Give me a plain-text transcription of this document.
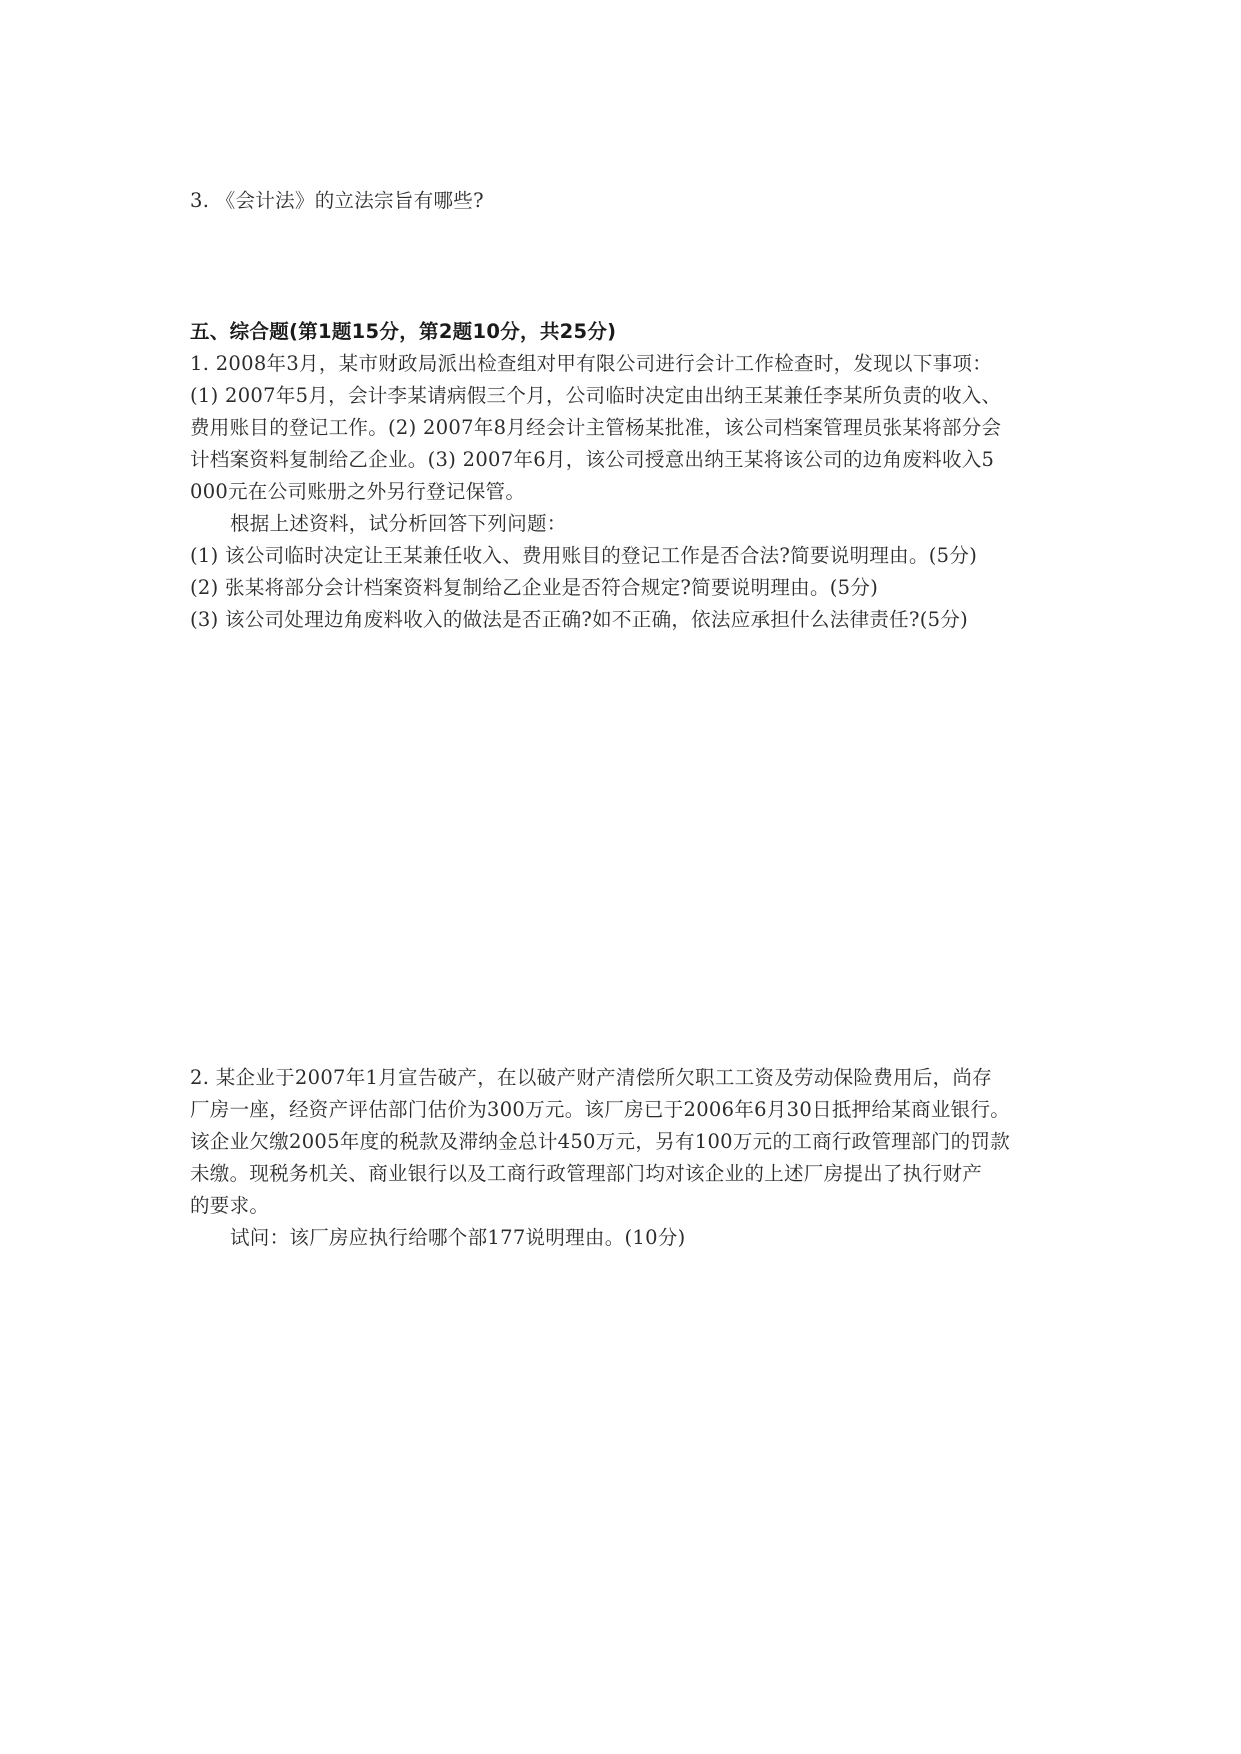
3. 《会计法》的立法宗旨有哪些?
五、综合题(第1题15分，第2题10分，共25分)
1. 2008年3月，某市财政局派出检查组对甲有限公司进行会计工作检查时，发现以下事项：
(1) 2007年5月，会计李某请病假三个月，公司临时决定由出纳王某兼任李某所负责的收入、
费用账目的登记工作。(2) 2007年8月经会计主管杨某批准，该公司档案管理员张某将部分会
计档案资料复制给乙企业。(3) 2007年6月，该公司授意出纳王某将该公司的边角废料收入5
000元在公司账册之外另行登记保管。
根据上述资料，试分析回答下列问题：
(1) 该公司临时决定让王某兼任收入、费用账目的登记工作是否合法?简要说明理由。(5分)
(2) 张某将部分会计档案资料复制给乙企业是否符合规定?简要说明理由。(5分)
(3) 该公司处理边角废料收入的做法是否正确?如不正确，依法应承担什么法律责任?(5分)
2. 某企业于2007年1月宣告破产，在以破产财产清偿所欠职工工资及劳动保险费用后，尚存
厂房一座，经资产评估部门估价为300万元。该厂房已于2006年6月30日抵押给某商业银行。
该企业欠缴2005年度的税款及滞纳金总计450万元，另有100万元的工商行政管理部门的罚款
未缴。现税务机关、商业银行以及工商行政管理部门均对该企业的上述厂房提出了执行财产
的要求。
试问：该厂房应执行给哪个部177说明理由。(10分)
